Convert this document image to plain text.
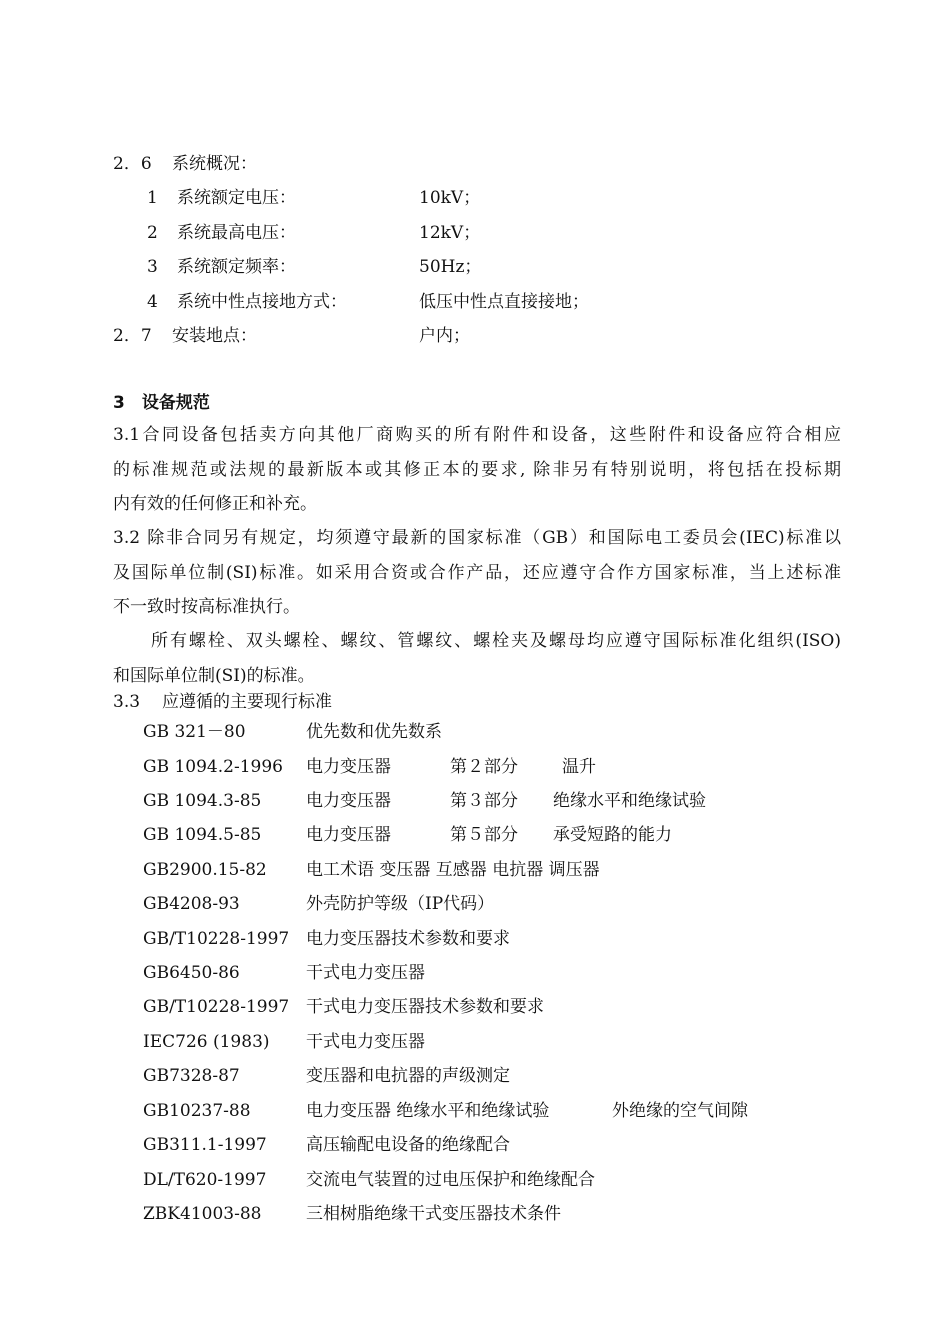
2．6 系统概况：
1 系统额定电压：	10kV；
2 系统最高电压：	12kV；
3 系统额定频率：	50Hz；
4 系统中性点接地方式：	低压中性点直接接地；
2．7 安装地点：	户内；
3　设备规范
3.1合同设备包括卖方向其他厂商购买的所有附件和设备，这些附件和设备应符合相应
的标准规范或法规的最新版本或其修正本的要求, 除非另有特别说明，将包括在投标期
内有效的任何修正和补充。
3.2 除非合同另有规定，均须遵守最新的国家标准（GB）和国际电工委员会(IEC)标准以
及国际单位制(SI)标准。如采用合资或合作产品，还应遵守合作方国家标准，当上述标准
不一致时按高标准执行。
所有螺栓、双头螺栓、螺纹、管螺纹、螺栓夹及螺母均应遵守国际标准化组织(ISO)
和国际单位制(SI)的标准。
3.3 应遵循的主要现行标准
GB 321－80	优先数和优先数系
GB 1094.2-1996 电力变压器	第２部分	温升
GB 1094.3-85	电力变压器	第３部分 绝缘水平和绝缘试验
GB 1094.5-85	电力变压器	第５部分 承受短路的能力
GB2900.15-82 电工术语 变压器 互感器 电抗器 调压器
GB4208-93	外壳防护等级（IP代码）
GB/T10228-1997 电力变压器技术参数和要求
GB6450-86	干式电力变压器
GB/T10228-1997 干式电力变压器技术参数和要求
IEC726 (1983) 干式电力变压器
GB7328-87	变压器和电抗器的声级测定
GB10237-88	电力变压器 绝缘水平和绝缘试验	外绝缘的空气间隙
GB311.1-1997 高压输配电设备的绝缘配合
DL/T620-1997 交流电气装置的过电压保护和绝缘配合
ZBK41003-88	三相树脂绝缘干式变压器技术条件
